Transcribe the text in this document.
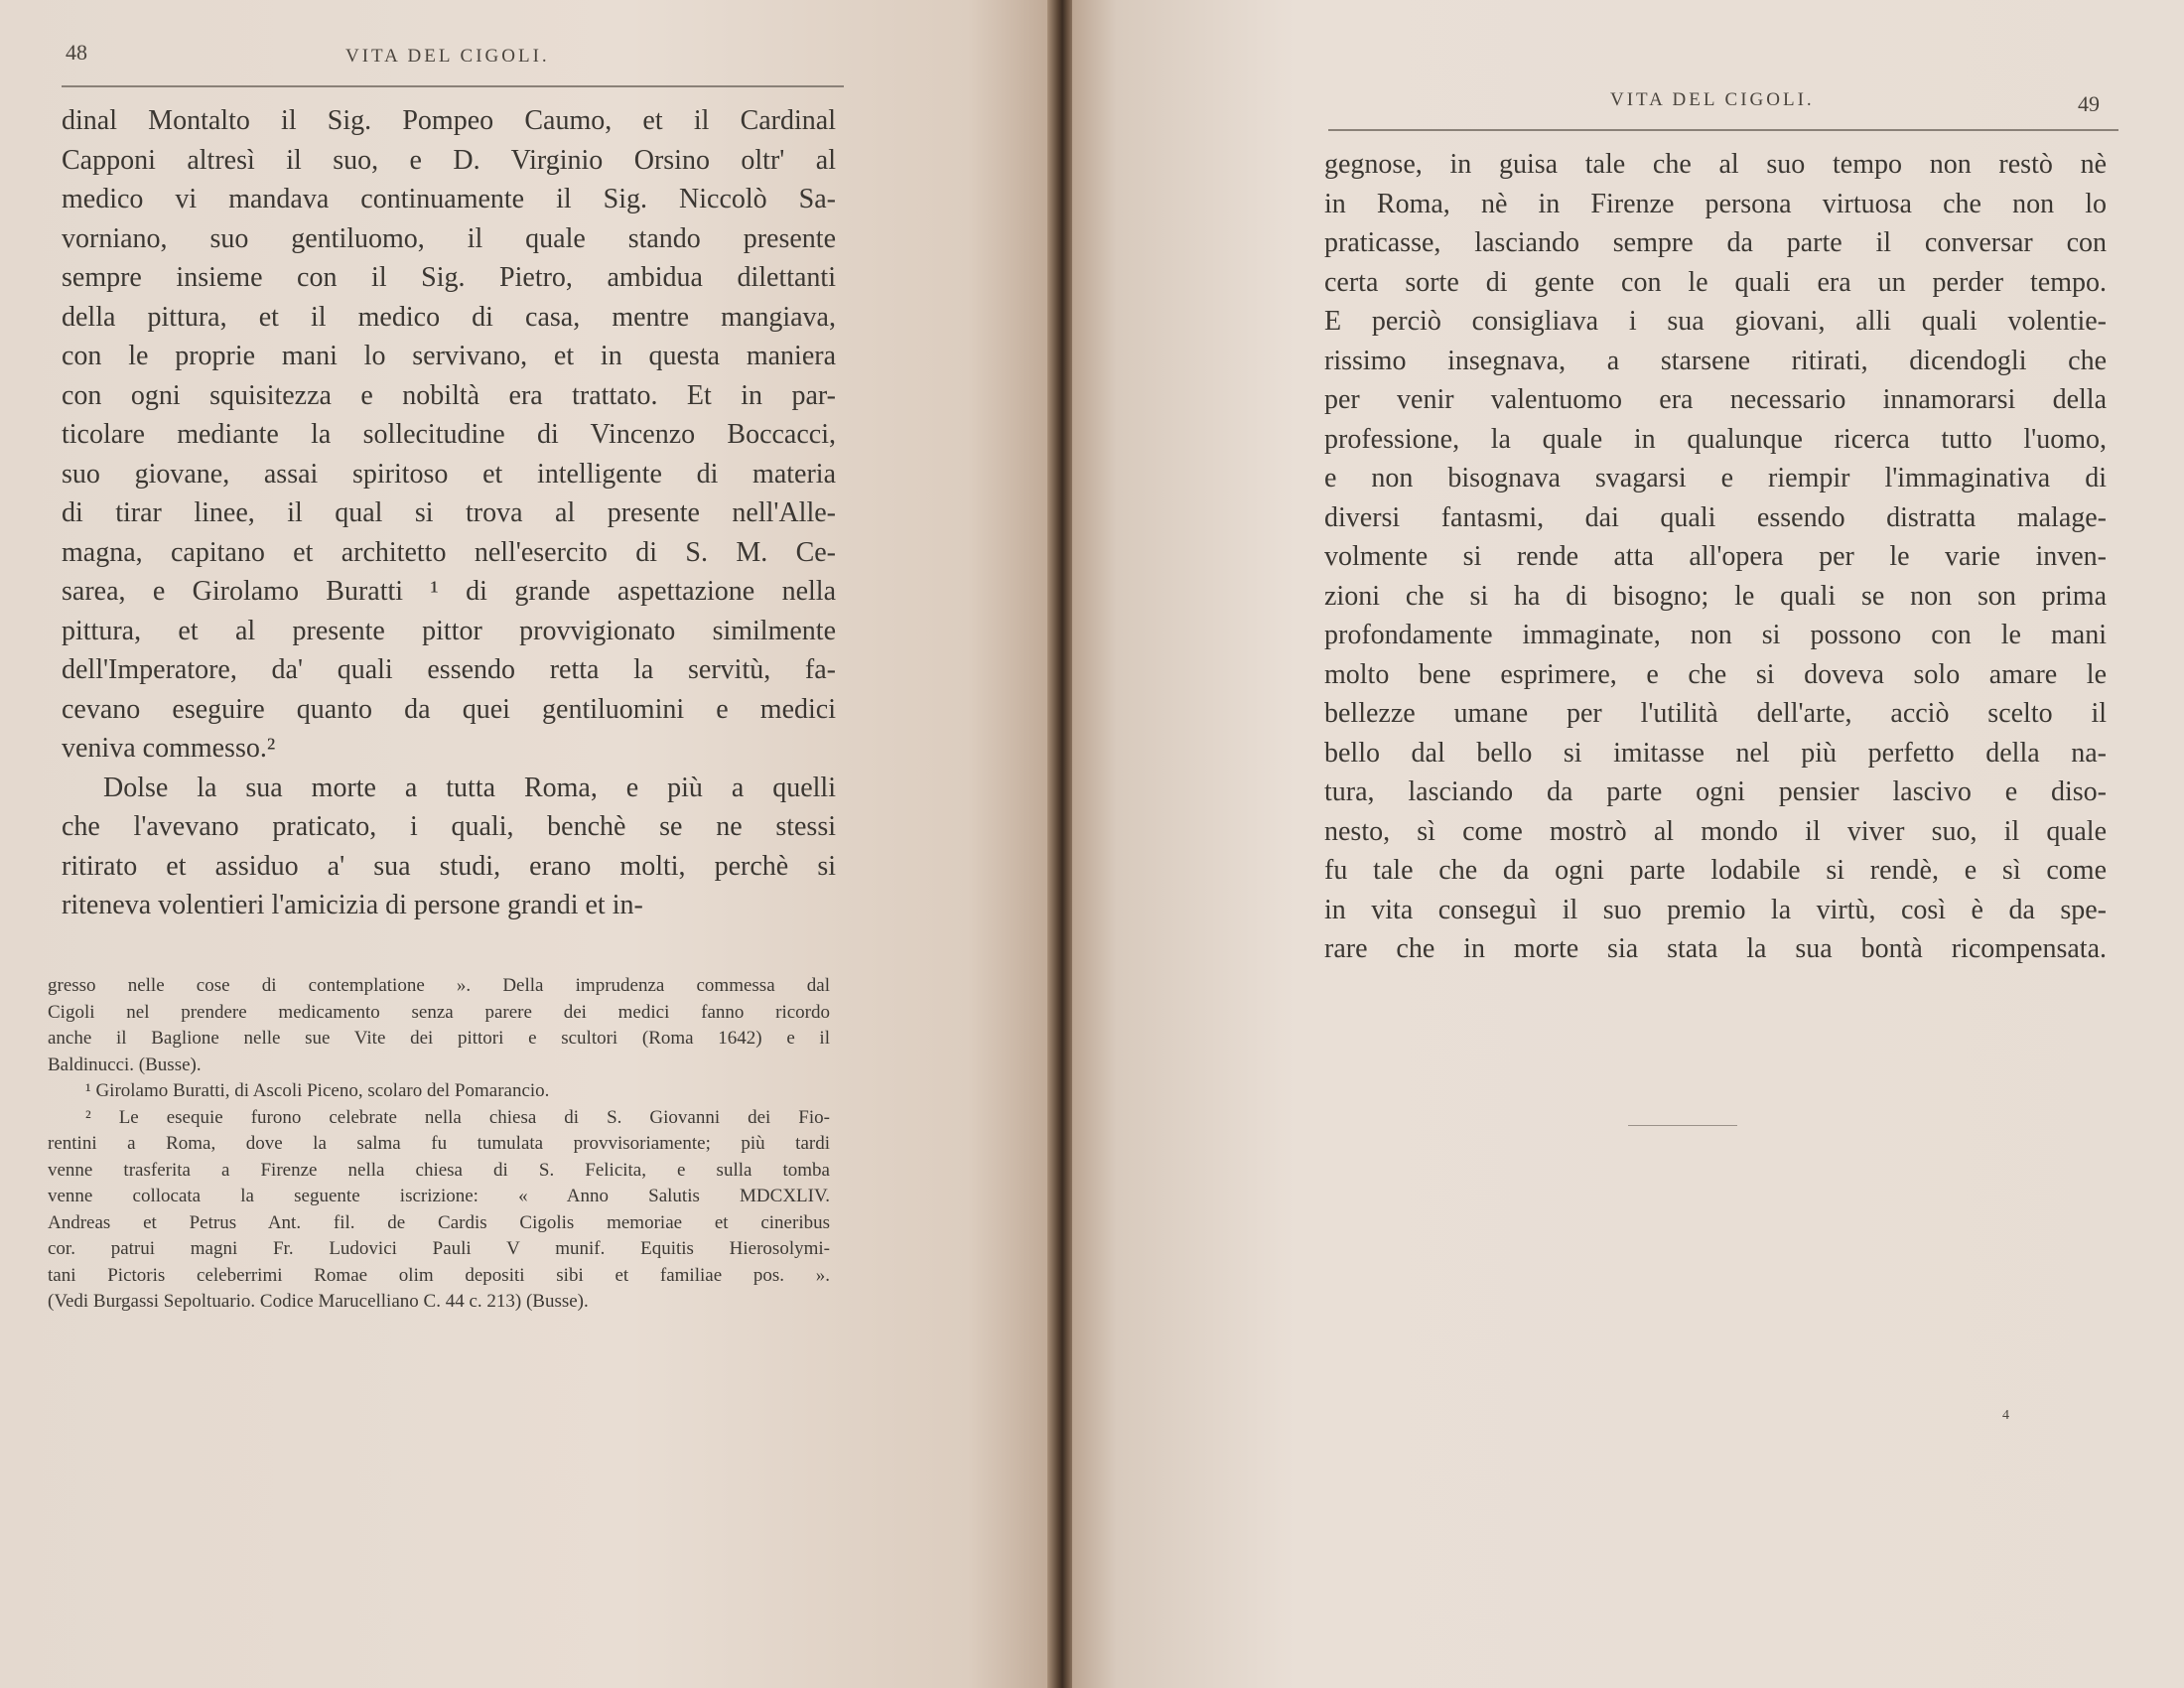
48	VITA DEL CIGOLI.
dinal Montalto il Sig. Pompeo Caumo, et il Cardinal
Capponi altresì il suo, e D. Virginio Orsino oltr' al
medico vi mandava continuamente il Sig. Niccolò Sa-
vorniano, suo gentiluomo, il quale stando presente
sempre insieme con il Sig. Pietro, ambidua dilettanti
della pittura, et il medico di casa, mentre mangiava,
con le proprie mani lo servivano, et in questa maniera
con ogni squisitezza e nobiltà era trattato. Et in par-
ticolare mediante la sollecitudine di Vincenzo Boccacci,
suo giovane, assai spiritoso et intelligente di materia
di tirar linee, il qual si trova al presente nell'Alle-
magna, capitano et architetto nell'esercito di S. M. Ce-
sarea, e Girolamo Buratti ¹ di grande aspettazione nella
pittura, et al presente pittor provvigionato similmente
dell'Imperatore, da' quali essendo retta la servitù, fa-
cevano eseguire quanto da quei gentiluomini e medici
veniva commesso.²
Dolse la sua morte a tutta Roma, e più a quelli
che l'avevano praticato, i quali, benchè se ne stessi
ritirato et assiduo a' sua studi, erano molti, perchè si
riteneva volentieri l'amicizia di persone grandi et in-
gresso nelle cose di contemplatione ». Della imprudenza commessa dal
Cigoli nel prendere medicamento senza parere dei medici fanno ricordo
anche il Baglione nelle sue Vite dei pittori e scultori (Roma 1642) e il
Baldinucci. (Busse).
¹ Girolamo Buratti, di Ascoli Piceno, scolaro del Pomarancio.
² Le esequie furono celebrate nella chiesa di S. Giovanni dei Fio-
rentini a Roma, dove la salma fu tumulata provvisoriamente; più tardi
venne trasferita a Firenze nella chiesa di S. Felicita, e sulla tomba
venne collocata la seguente iscrizione: « Anno Salutis MDCXLIV.
Andreas et Petrus Ant. fil. de Cardis Cigolis memoriae et cineribus
cor. patrui magni Fr. Ludovici Pauli V munif. Equitis Hierosolymi-
tani Pictoris celeberrimi Romae olim depositi sibi et familiae pos. ».
(Vedi Burgassi Sepoltuario. Codice Marucelliano C. 44 c. 213) (Busse).
VITA DEL CIGOLI.	49
gegnose, in guisa tale che al suo tempo non restò nè
in Roma, nè in Firenze persona virtuosa che non lo
praticasse, lasciando sempre da parte il conversar con
certa sorte di gente con le quali era un perder tempo.
E perciò consigliava i sua giovani, alli quali volentie-
rissimo insegnava, a starsene ritirati, dicendogli che
per venir valentuomo era necessario innamorarsi della
professione, la quale in qualunque ricerca tutto l'uomo,
e non bisognava svagarsi e riempir l'immaginativa di
diversi fantasmi, dai quali essendo distratta malage-
volmente si rende atta all'opera per le varie inven-
zioni che si ha di bisogno; le quali se non son prima
profondamente immaginate, non si possono con le mani
molto bene esprimere, e che si doveva solo amare le
bellezze umane per l'utilità dell'arte, acciò scelto il
bello dal bello si imitasse nel più perfetto della na-
tura, lasciando da parte ogni pensier lascivo e diso-
nesto, sì come mostrò al mondo il viver suo, il quale
fu tale che da ogni parte lodabile si rendè, e sì come
in vita conseguì il suo premio la virtù, così è da spe-
rare che in morte sia stata la sua bontà ricompensata.
4
